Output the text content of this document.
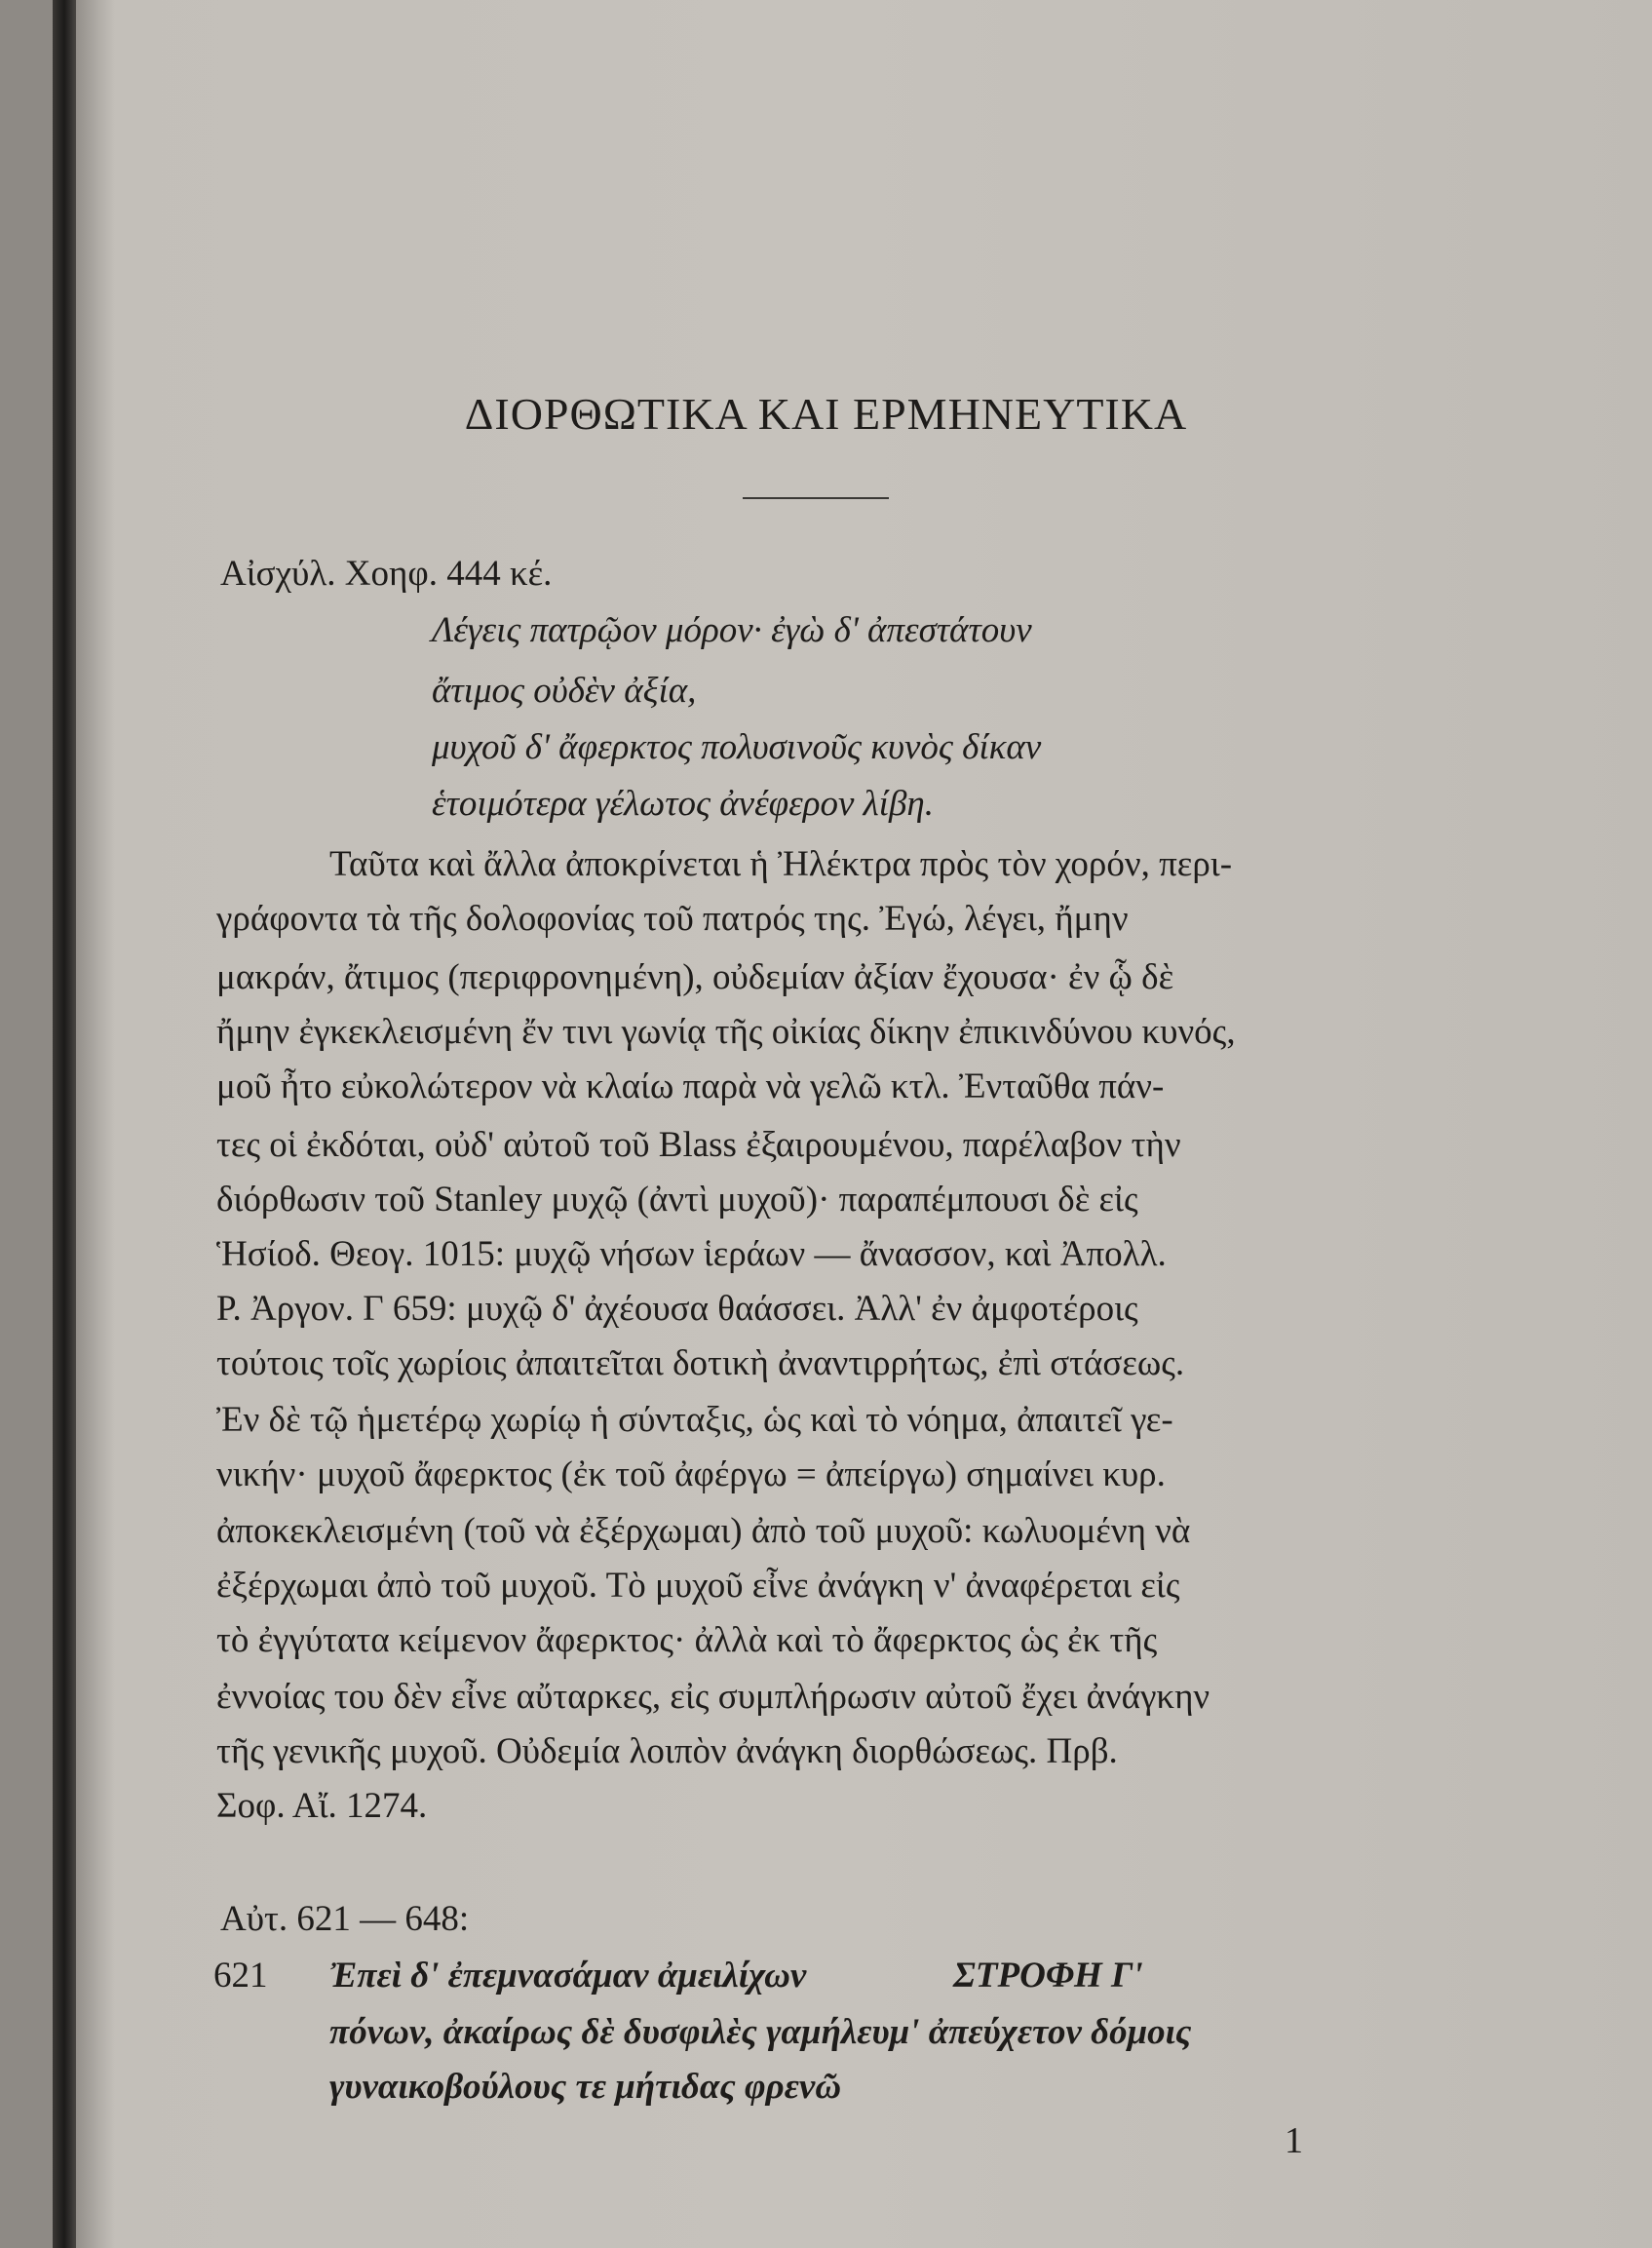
ΔΙΟΡΘΩΤΙΚΑ ΚΑΙ ΕΡΜΗΝΕΥΤΙΚΑ
Αἰσχύλ. Χοηφ. 444 κέ.
Λέγεις πατρῷον μόρον· ἐγὼ δ' ἀπεστάτουν
ἄτιμος οὐδὲν ἀξία,
μυχοῦ δ' ἄφερκτος πολυσινοῦς κυνὸς δίκαν
ἑτοιμότερα γέλωτος ἀνέφερον λίβη.
Ταῦτα καὶ ἄλλα ἀποκρίνεται ἡ Ἠλέκτρα πρὸς τὸν χορόν, περι-
γράφοντα τὰ τῆς δολοφονίας τοῦ πατρός της. Ἐγώ, λέγει, ἤμην
μακράν, ἄτιμος (περιφρονημένη), οὐδεμίαν ἀξίαν ἔχουσα· ἐν ᾧ δὲ
ἤμην ἐγκεκλεισμένη ἔν τινι γωνίᾳ τῆς οἰκίας δίκην ἐπικινδύνου κυνός,
μοῦ ἦτο εὐκολώτερον νὰ κλαίω παρὰ νὰ γελῶ κτλ. Ἐνταῦθα πάν-
τες οἱ ἐκδόται, οὐδ' αὐτοῦ τοῦ Blass ἐξαιρουμένου, παρέλαβον τὴν
διόρθωσιν τοῦ Stanley μυχῷ (ἀντὶ μυχοῦ)· παραπέμπουσι δὲ εἰς
Ἡσίοδ. Θεογ. 1015: μυχῷ νήσων ἱεράων — ἄνασσον, καὶ Ἀπολλ.
Ρ. Ἀργον. Γ 659: μυχῷ δ' ἀχέουσα θαάσσει. Ἀλλ' ἐν ἀμφοτέροις
τούτοις τοῖς χωρίοις ἀπαιτεῖται δοτικὴ ἀναντιρρήτως, ἐπὶ στάσεως.
Ἐν δὲ τῷ ἡμετέρῳ χωρίῳ ἡ σύνταξις, ὡς καὶ τὸ νόημα, ἀπαιτεῖ γε-
νικήν· μυχοῦ ἄφερκτος (ἐκ τοῦ ἀφέργω = ἀπείργω) σημαίνει κυρ.
ἀποκεκλεισμένη (τοῦ νὰ ἐξέρχωμαι) ἀπὸ τοῦ μυχοῦ: κωλυομένη νὰ
ἐξέρχωμαι ἀπὸ τοῦ μυχοῦ. Τὸ μυχοῦ εἶνε ἀνάγκη ν' ἀναφέρεται εἰς
τὸ ἐγγύτατα κείμενον ἄφερκτος· ἀλλὰ καὶ τὸ ἄφερκτος ὡς ἐκ τῆς
ἐννοίας του δὲν εἶνε αὔταρκες, εἰς συμπλήρωσιν αὐτοῦ ἔχει ἀνάγκην
τῆς γενικῆς μυχοῦ. Οὐδεμία λοιπὸν ἀνάγκη διορθώσεως. Πρβ.
Σοφ. Αἴ. 1274.
Αὐτ. 621 — 648:
621 Ἐπεὶ δ' ἐπεμνασάμαν ἀμειλίχων	ΣΤΡΟΦΗ Γ'
πόνων, ἀκαίρως δὲ δυσφιλὲς γαμήλευμ' ἀπεύχετον δόμοις
γυναικοβούλους τε μήτιδας φρενῶ
1
